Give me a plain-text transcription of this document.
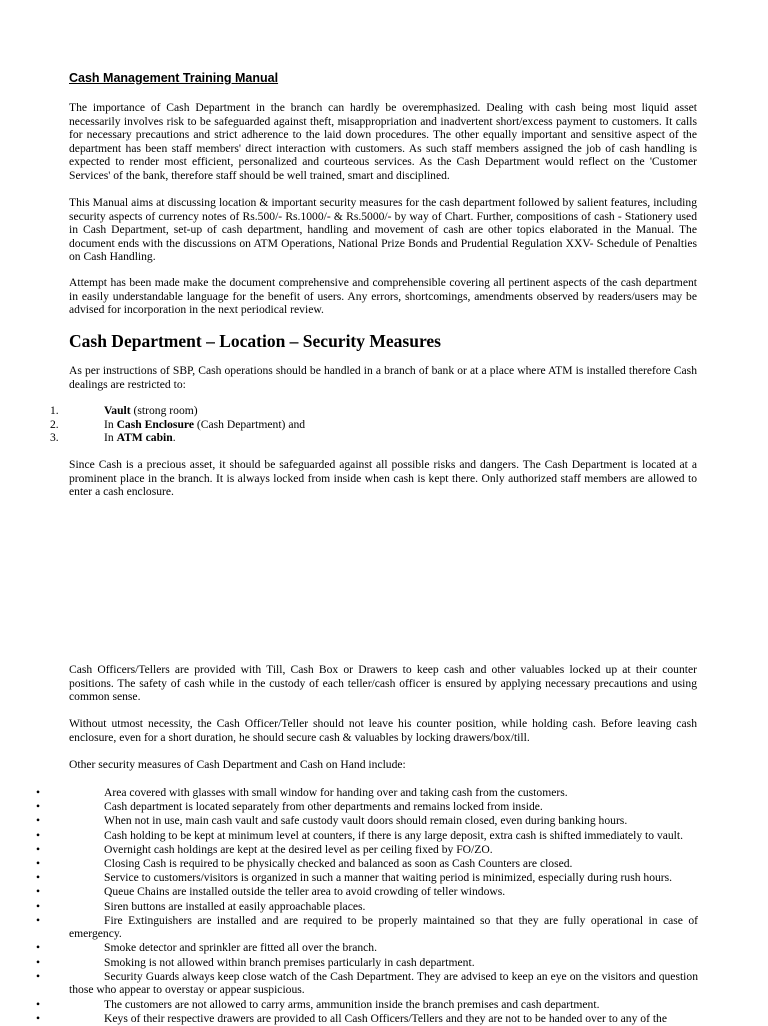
Cash Management Training Manual

The importance of Cash Department in the branch can hardly be overemphasized. Dealing with cash being most liquid asset necessarily involves risk to be safeguarded against theft, misappropriation and inadvertent short/excess payment to customers. It calls for necessary precautions and strict adherence to the laid down procedures. The other equally important and sensitive aspect of the department has been staff members' direct interaction with customers. As such staff members assigned the job of cash handling is expected to render most efficient, personalized and courteous services. As the Cash Department would reflect on the 'Customer Services' of the bank, therefore staff should be well trained, smart and disciplined.

This Manual aims at discussing location & important security measures for the cash department followed by salient features, including security aspects of currency notes of Rs.500/- Rs.1000/- & Rs.5000/- by way of Chart. Further, compositions of cash - Stationery used in Cash Department, set-up of cash department, handling and movement of cash are other topics elaborated in the Manual. The document ends with the discussions on ATM Operations, National Prize Bonds and Prudential Regulation XXV- Schedule of Penalties on Cash Handling.

Attempt has been made make the document comprehensive and comprehensible covering all pertinent aspects of the cash department in easily understandable language for the benefit of users. Any errors, shortcomings, amendments observed by readers/users may be advised for incorporation in the next periodical review.

Cash Department – Location – Security Measures

As per instructions of SBP, Cash operations should be handled in a branch of bank or at a place where ATM is installed therefore Cash dealings are restricted to:

1.	Vault (strong room)
2.	In Cash Enclosure (Cash Department) and
3.	In ATM cabin.

Since Cash is a precious asset, it should be safeguarded against all possible risks and dangers. The Cash Department is located at a prominent place in the branch. It is always locked from inside when cash is kept there. Only authorized staff members are allowed to enter a cash enclosure.

Cash Officers/Tellers are provided with Till, Cash Box or Drawers to keep cash and other valuables locked up at their counter positions. The safety of cash while in the custody of each teller/cash officer is ensured by applying necessary precautions and using common sense.

Without utmost necessity, the Cash Officer/Teller should not leave his counter position, while holding cash. Before leaving cash enclosure, even for a short duration, he should secure cash & valuables by locking drawers/box/till.

Other security measures of Cash Department and Cash on Hand include:

•	Area covered with glasses with small window for handing over and taking cash from the customers.
•	Cash department is located separately from other departments and remains locked from inside.
•	When not in use, main cash vault and safe custody vault doors should remain closed, even during banking hours.
•	Cash holding to be kept at minimum level at counters, if there is any large deposit, extra cash is shifted immediately to vault.
•	Overnight cash holdings are kept at the desired level as per ceiling fixed by FO/ZO.
•	Closing Cash is required to be physically checked and balanced as soon as Cash Counters are closed.
•	Service to customers/visitors is organized in such a manner that waiting period is minimized, especially during rush hours.
•	Queue Chains are installed outside the teller area to avoid crowding of teller windows.
•	Siren buttons are installed at easily approachable places.
•	Fire Extinguishers are installed and are required to be properly maintained so that they are fully operational in case of emergency.
•	Smoke detector and sprinkler are fitted all over the branch.
•	Smoking is not allowed within branch premises particularly in cash department.
•	Security Guards always keep close watch of the Cash Department. They are advised to keep an eye on the visitors and question those who appear to overstay or appear suspicious.
•	The customers are not allowed to carry arms, ammunition inside the branch premises and cash department.
•	Keys of their respective drawers are provided to all Cash Officers/Tellers and they are not to be handed over to any of the
